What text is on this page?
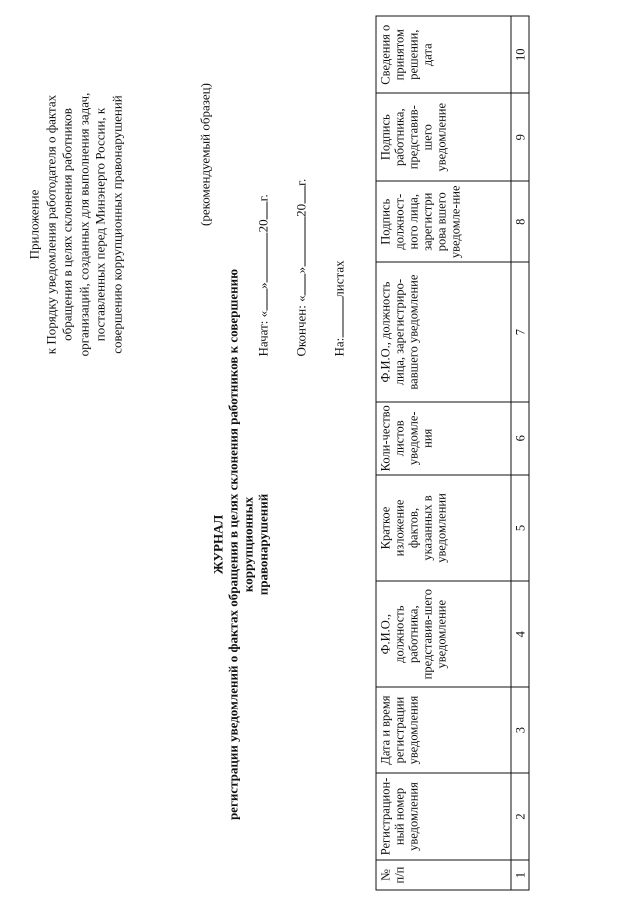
Приложение к Порядку уведомления работодателя о фактах обращения в целях склонения работников организаций, созданных для выполнения задач, поставленных перед Минэнерго России, к совершению коррупционных правонарушений	(рекомендуемый образец)
ЖУРНАЛ регистрации уведомлений о фактах обращения в целях склонения работников к совершению коррупционных правонарушений
Начат: «»20г.
Окончен: «»20г.
На:листах
№ п/п	Регистрацион-ный номер уведомления	Дата и время регистрации уведомления	Ф.И.О., должность работника, представив-шего уведомление	Краткое изложение фактов, указанных в уведомлении	Коли-чество листов уведомле-ния	Ф.И.О., должность лица, зарегистриро-вавшего уведомление	Подпись должност-ного лица, зарегистри рова вшего уведомле-ние	Подпись работника, представив-шего уведомление	Сведения о принятом решении, дата
1	2	3	4	5	6	7	8	9	10
